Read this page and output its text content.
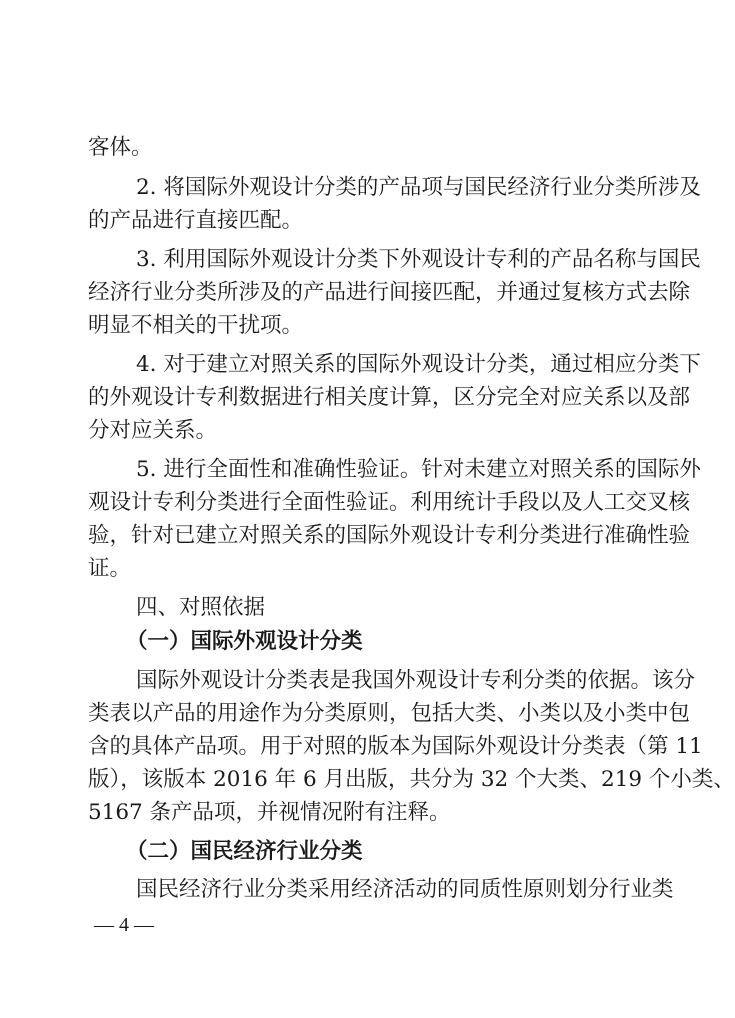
客体。
2. 将国际外观设计分类的产品项与国民经济行业分类所涉及
的产品进行直接匹配。
3. 利用国际外观设计分类下外观设计专利的产品名称与国民
经济行业分类所涉及的产品进行间接匹配，并通过复核方式去除
明显不相关的干扰项。
4. 对于建立对照关系的国际外观设计分类，通过相应分类下
的外观设计专利数据进行相关度计算，区分完全对应关系以及部
分对应关系。
5. 进行全面性和准确性验证。针对未建立对照关系的国际外
观设计专利分类进行全面性验证。利用统计手段以及人工交叉核
验，针对已建立对照关系的国际外观设计专利分类进行准确性验
证。
四、对照依据
（一）国际外观设计分类
国际外观设计分类表是我国外观设计专利分类的依据。该分
类表以产品的用途作为分类原则，包括大类、小类以及小类中包
含的具体产品项。用于对照的版本为国际外观设计分类表（第 11
版），该版本 2016 年 6 月出版，共分为 32 个大类、219 个小类、
5167 条产品项，并视情况附有注释。
（二）国民经济行业分类
国民经济行业分类采用经济活动的同质性原则划分行业类
— 4 —
